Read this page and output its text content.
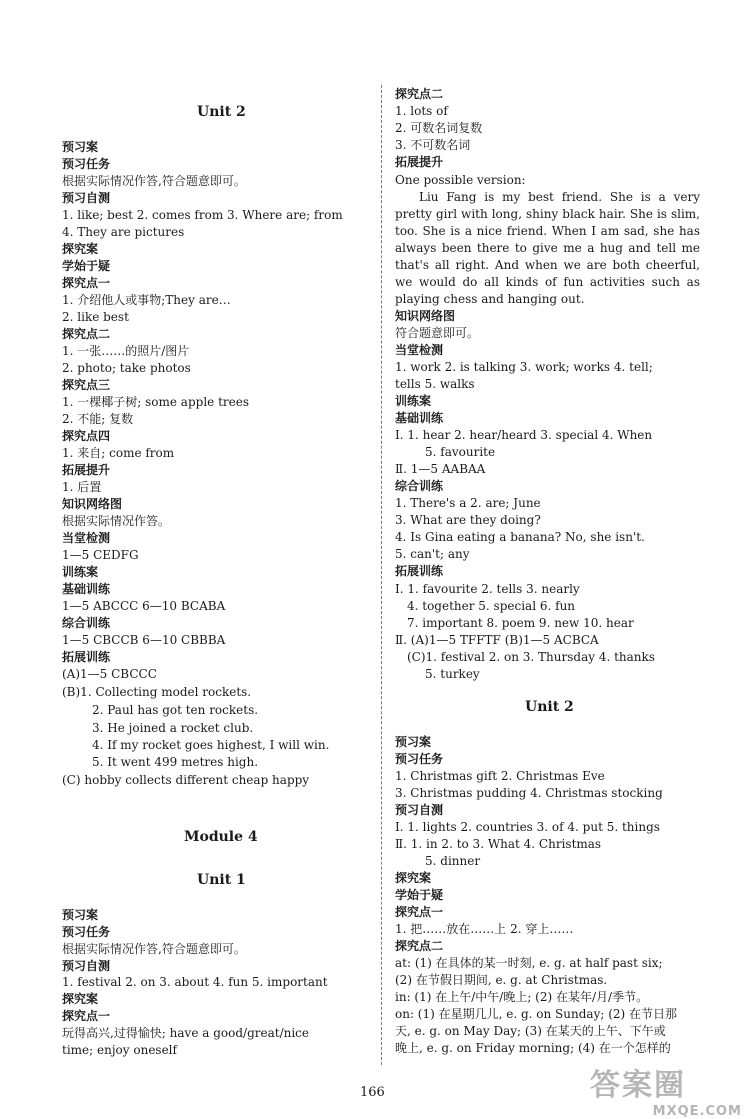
Unit 2
预习案
预习任务
根据实际情况作答,符合题意即可。
预习自测
1. like; best 2. comes from 3. Where are; from
4. They are pictures
探究案
学始于疑
探究点一
1. 介绍他人或事物;They are…
2. like best
探究点二
1. 一张……的照片/图片
2. photo; take photos
探究点三
1. 一棵椰子树; some apple trees
2. 不能; 复数
探究点四
1. 来自; come from
拓展提升
1. 后置
知识网络图
根据实际情况作答。
当堂检测
1—5 CEDFG
训练案
基础训练
1—5 ABCCC 6—10 BCABA
综合训练
1—5 CBCCB 6—10 CBBBA
拓展训练
(A)1—5 CBCCC
(B)1. Collecting model rockets.
2. Paul has got ten rockets.
3. He joined a rocket club.
4. If my rocket goes highest, I will win.
5. It went 499 metres high.
(C) hobby collects different cheap happy
Module 4
Unit 1
预习案
预习任务
根据实际情况作答,符合题意即可。
预习自测
1. festival 2. on 3. about 4. fun 5. important
探究案
探究点一
玩得高兴,过得愉快; have a good/great/nice
time; enjoy oneself
探究点二
1. lots of
2. 可数名词复数
3. 不可数名词
拓展提升
One possible version:
Liu Fang is my best friend. She is a very pretty girl with long, shiny black hair. She is slim, too. She is a nice friend. When I am sad, she has always been there to give me a hug and tell me that's all right. And when we are both cheerful, we would do all kinds of fun activities such as playing chess and hanging out.
知识网络图
符合题意即可。
当堂检测
1. work 2. is talking 3. work; works 4. tell;
tells 5. walks
训练案
基础训练
Ⅰ. 1. hear 2. hear/heard 3. special 4. When
5. favourite
Ⅱ. 1—5 AABAA
综合训练
1. There's a 2. are; June
3. What are they doing?
4. Is Gina eating a banana? No, she isn't.
5. can't; any
拓展训练
Ⅰ. 1. favourite 2. tells 3. nearly
4. together 5. special 6. fun
7. important 8. poem 9. new 10. hear
Ⅱ. (A)1—5 TFFTF (B)1—5 ACBCA
(C)1. festival 2. on 3. Thursday 4. thanks
5. turkey
Unit 2
预习案
预习任务
1. Christmas gift 2. Christmas Eve
3. Christmas pudding 4. Christmas stocking
预习自测
Ⅰ. 1. lights 2. countries 3. of 4. put 5. things
Ⅱ. 1. in 2. to 3. What 4. Christmas
5. dinner
探究案
学始于疑
探究点一
1. 把……放在……上 2. 穿上……
探究点二
at: (1) 在具体的某一时刻, e. g. at half past six;
(2) 在节假日期间, e. g. at Christmas.
in: (1) 在上午/中午/晚上; (2) 在某年/月/季节。
on: (1) 在星期几儿, e. g. on Sunday; (2) 在节日那
天, e. g. on May Day; (3) 在某天的上午、下午或
晚上, e. g. on Friday morning; (4) 在一个怎样的
166	答案圈
MXQE.COM
